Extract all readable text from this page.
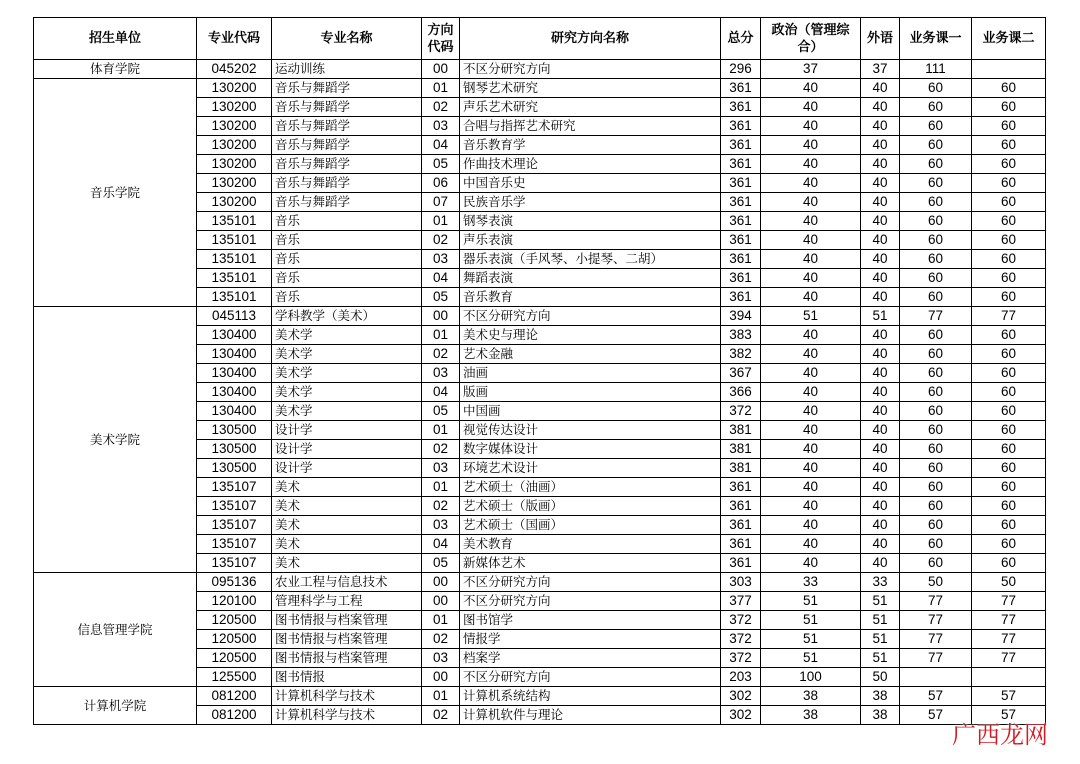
招生单位	专业代码	专业名称	方向代码	研究方向名称	总分	政治（管理综合）	外语	业务课一	业务课二
体育学院	045202	运动训练	00	不区分研究方向	296	37	37	111	
音乐学院	130200	音乐与舞蹈学	01	钢琴艺术研究	361	40	40	60	60
	130200	音乐与舞蹈学	02	声乐艺术研究	361	40	40	60	60
	130200	音乐与舞蹈学	03	合唱与指挥艺术研究	361	40	40	60	60
	130200	音乐与舞蹈学	04	音乐教育学	361	40	40	60	60
	130200	音乐与舞蹈学	05	作曲技术理论	361	40	40	60	60
	130200	音乐与舞蹈学	06	中国音乐史	361	40	40	60	60
	130200	音乐与舞蹈学	07	民族音乐学	361	40	40	60	60
	135101	音乐	01	钢琴表演	361	40	40	60	60
	135101	音乐	02	声乐表演	361	40	40	60	60
	135101	音乐	03	器乐表演（手风琴、小提琴、二胡）	361	40	40	60	60
	135101	音乐	04	舞蹈表演	361	40	40	60	60
	135101	音乐	05	音乐教育	361	40	40	60	60
美术学院	045113	学科教学（美术）	00	不区分研究方向	394	51	51	77	77
	130400	美术学	01	美术史与理论	383	40	40	60	60
	130400	美术学	02	艺术金融	382	40	40	60	60
	130400	美术学	03	油画	367	40	40	60	60
	130400	美术学	04	版画	366	40	40	60	60
	130400	美术学	05	中国画	372	40	40	60	60
	130500	设计学	01	视觉传达设计	381	40	40	60	60
	130500	设计学	02	数字媒体设计	381	40	40	60	60
	130500	设计学	03	环境艺术设计	381	40	40	60	60
	135107	美术	01	艺术硕士（油画）	361	40	40	60	60
	135107	美术	02	艺术硕士（版画）	361	40	40	60	60
	135107	美术	03	艺术硕士（国画）	361	40	40	60	60
	135107	美术	04	美术教育	361	40	40	60	60
	135107	美术	05	新媒体艺术	361	40	40	60	60
信息管理学院	095136	农业工程与信息技术	00	不区分研究方向	303	33	33	50	50
	120100	管理科学与工程	00	不区分研究方向	377	51	51	77	77
	120500	图书情报与档案管理	01	图书馆学	372	51	51	77	77
	120500	图书情报与档案管理	02	情报学	372	51	51	77	77
	120500	图书情报与档案管理	03	档案学	372	51	51	77	77
	125500	图书情报	00	不区分研究方向	203	100	50		
计算机学院	081200	计算机科学与技术	01	计算机系统结构	302	38	38	57	57
	081200	计算机科学与技术	02	计算机软件与理论	302	38	38	57	57
广西龙网
